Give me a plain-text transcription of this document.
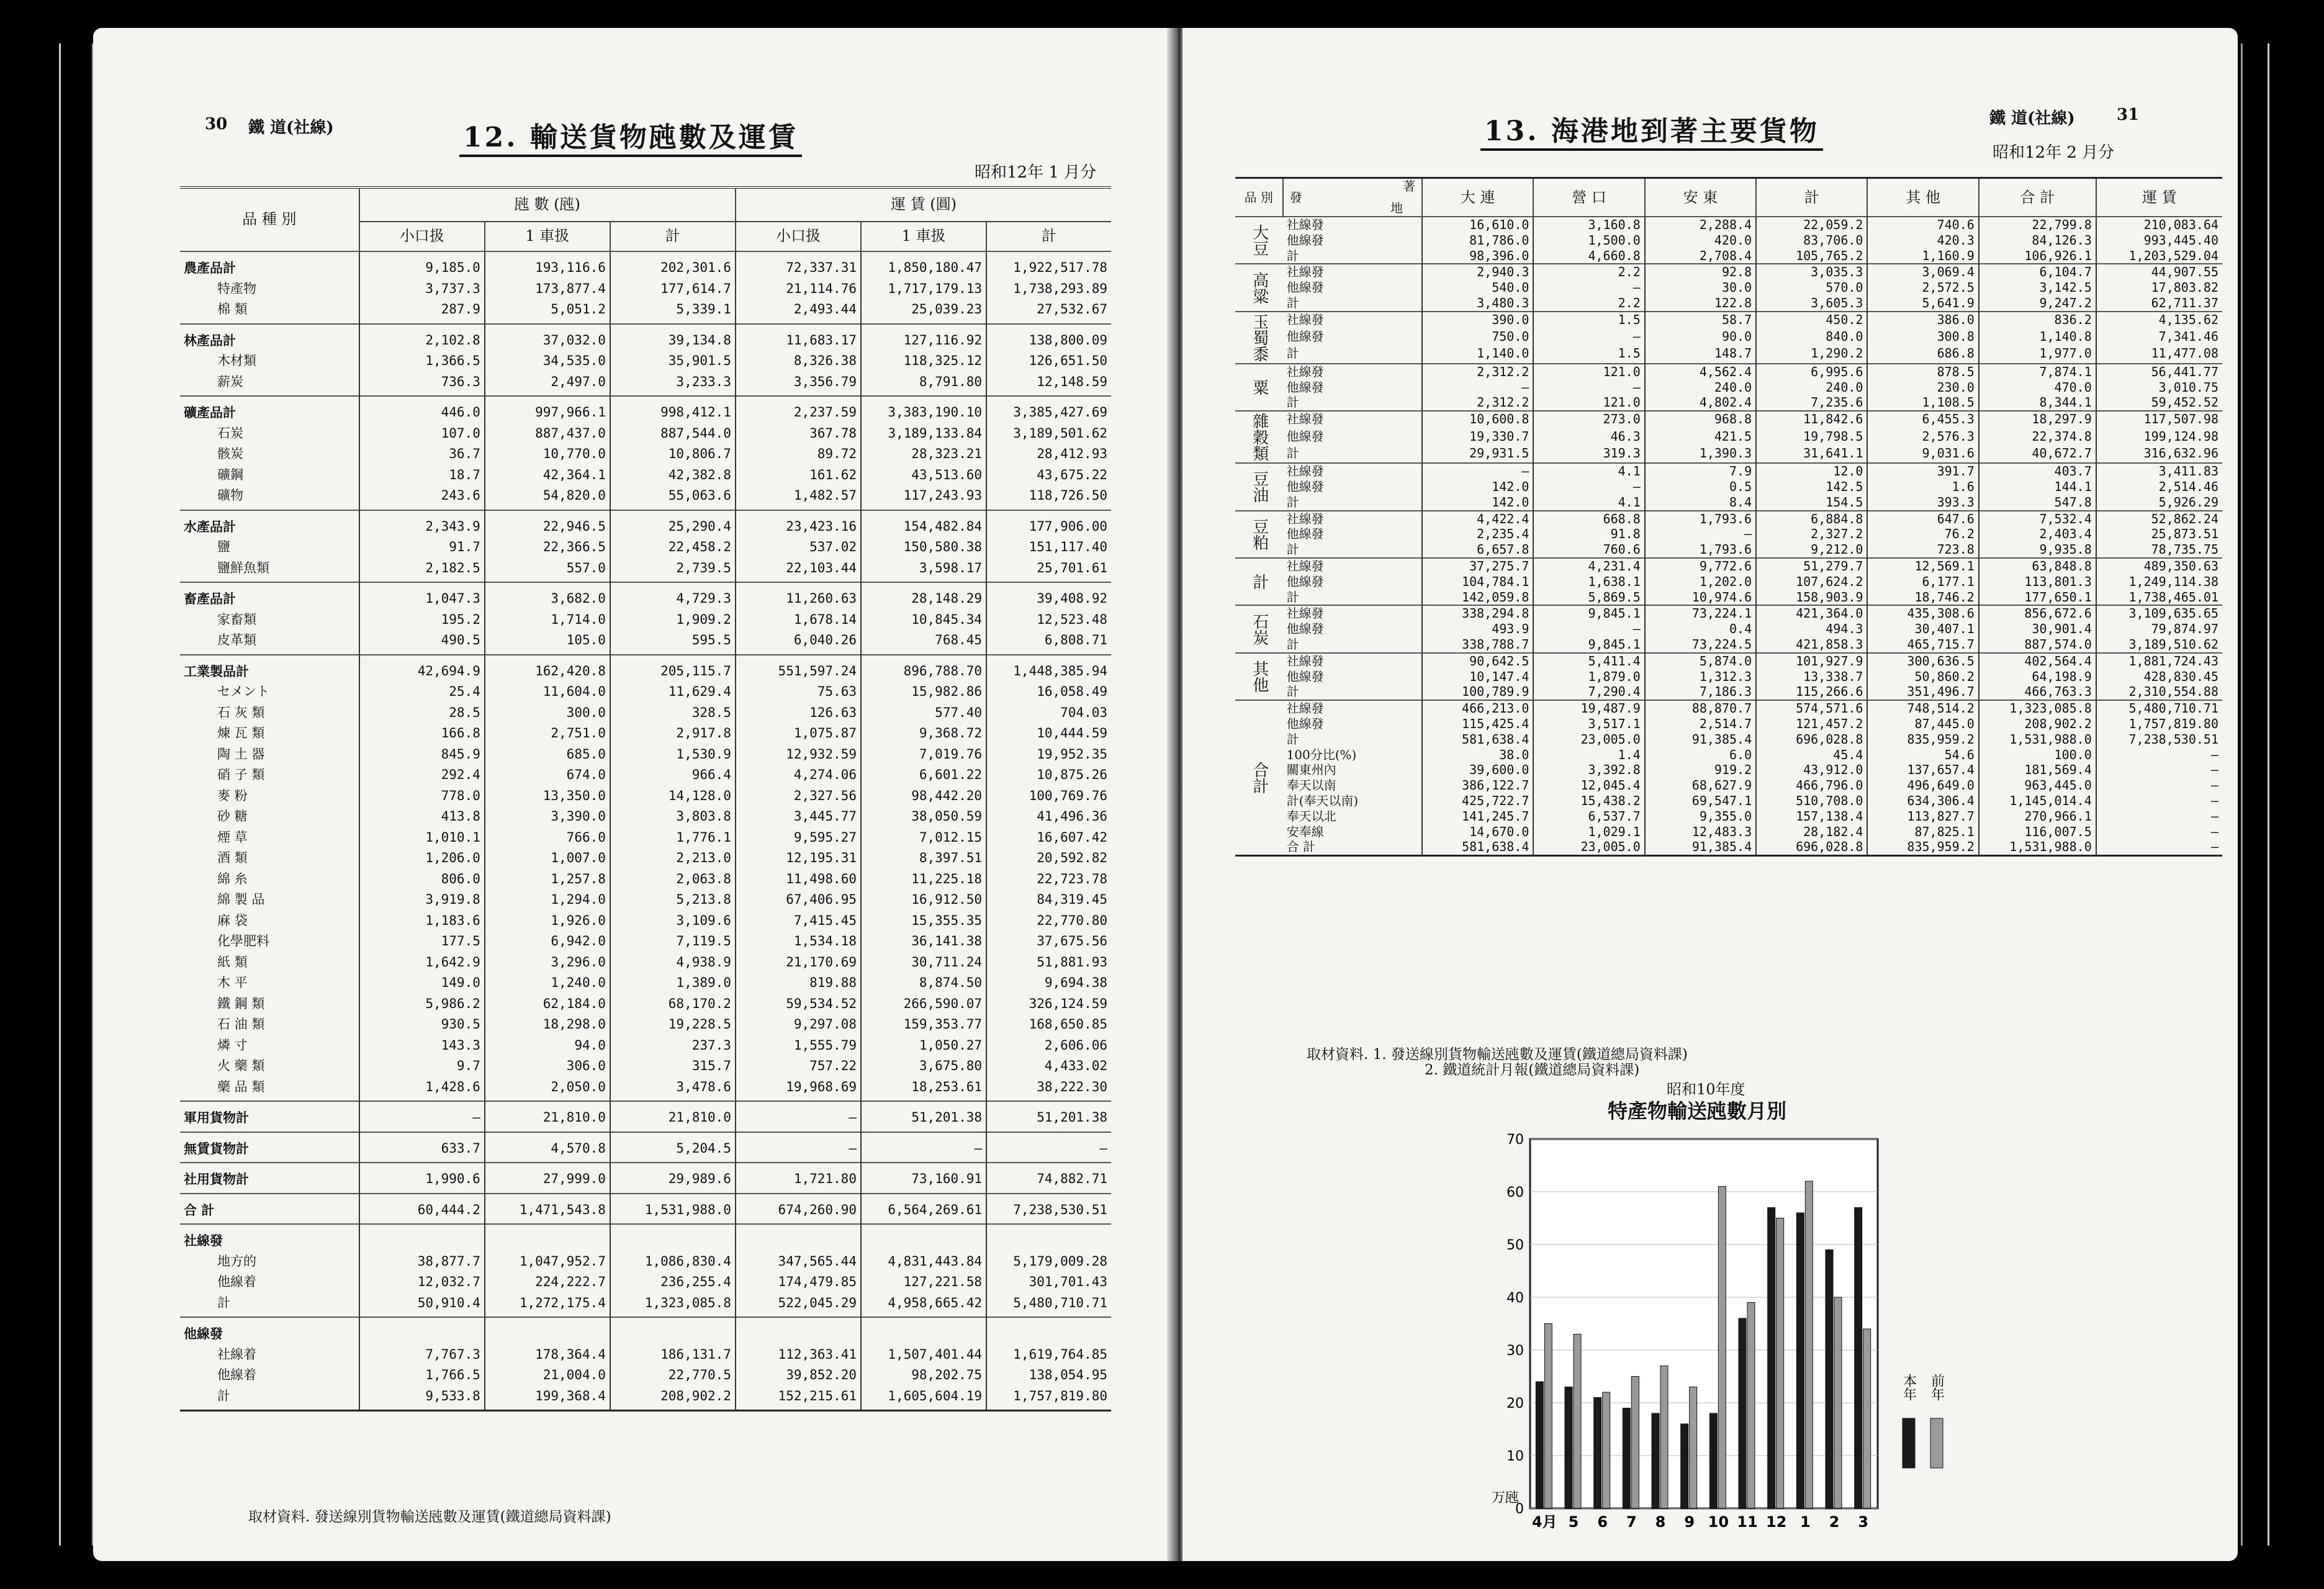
30 鐵 道(社線)	12. 輸送貨物瓲數及運賃
昭和12年 1 月分
品 種 別	瓲 數 (瓲)			運 賃 (圓)		
	小口扱	1 車扱	計	小口扱	1 車扱	計
農產品計	9,185.0	193,116.6	202,301.6	72,337.31	1,850,180.47	1,922,517.78
特產物	3,737.3	173,877.4	177,614.7	21,114.76	1,717,179.13	1,738,293.89
棉 類	287.9	5,051.2	5,339.1	2,493.44	25,039.23	27,532.67
林產品計	2,102.8	37,032.0	39,134.8	11,683.17	127,116.92	138,800.09
木材類	1,366.5	34,535.0	35,901.5	8,326.38	118,325.12	126,651.50
薪炭	736.3	2,497.0	3,233.3	3,356.79	8,791.80	12,148.59
礦產品計	446.0	997,966.1	998,412.1	2,237.59	3,383,190.10	3,385,427.69
石炭	107.0	887,437.0	887,544.0	367.78	3,189,133.84	3,189,501.62
骸炭	36.7	10,770.0	10,806.7	89.72	28,323.21	28,412.93
礦鋼	18.7	42,364.1	42,382.8	161.62	43,513.60	43,675.22
礦物	243.6	54,820.0	55,063.6	1,482.57	117,243.93	118,726.50
水產品計	2,343.9	22,946.5	25,290.4	23,423.16	154,482.84	177,906.00
鹽	91.7	22,366.5	22,458.2	537.02	150,580.38	151,117.40
鹽鮮魚類	2,182.5	557.0	2,739.5	22,103.44	3,598.17	25,701.61
畜產品計	1,047.3	3,682.0	4,729.3	11,260.63	28,148.29	39,408.92
家畜類	195.2	1,714.0	1,909.2	1,678.14	10,845.34	12,523.48
皮革類	490.5	105.0	595.5	6,040.26	768.45	6,808.71
工業製品計	42,694.9	162,420.8	205,115.7	551,597.24	896,788.70	1,448,385.94
セメント	25.4	11,604.0	11,629.4	75.63	15,982.86	16,058.49
石 灰 類	28.5	300.0	328.5	126.63	577.40	704.03
煉 瓦 類	166.8	2,751.0	2,917.8	1,075.87	9,368.72	10,444.59
陶 土 器	845.9	685.0	1,530.9	12,932.59	7,019.76	19,952.35
硝 子 類	292.4	674.0	966.4	4,274.06	6,601.22	10,875.26
麥 粉	778.0	13,350.0	14,128.0	2,327.56	98,442.20	100,769.76
砂 糖	413.8	3,390.0	3,803.8	3,445.77	38,050.59	41,496.36
煙 草	1,010.1	766.0	1,776.1	9,595.27	7,012.15	16,607.42
酒 類	1,206.0	1,007.0	2,213.0	12,195.31	8,397.51	20,592.82
綿 糸	806.0	1,257.8	2,063.8	11,498.60	11,225.18	22,723.78
綿 製 品	3,919.8	1,294.0	5,213.8	67,406.95	16,912.50	84,319.45
麻 袋	1,183.6	1,926.0	3,109.6	7,415.45	15,355.35	22,770.80
化學肥料	177.5	6,942.0	7,119.5	1,534.18	36,141.38	37,675.56
紙 類	1,642.9	3,296.0	4,938.9	21,170.69	30,711.24	51,881.93
木 平	149.0	1,240.0	1,389.0	819.88	8,874.50	9,694.38
鐵 鋼 類	5,986.2	62,184.0	68,170.2	59,534.52	266,590.07	326,124.59
石 油 類	930.5	18,298.0	19,228.5	9,297.08	159,353.77	168,650.85
燐 寸	143.3	94.0	237.3	1,555.79	1,050.27	2,606.06
火 藥 類	9.7	306.0	315.7	757.22	3,675.80	4,433.02
藥 品 類	1,428.6	2,050.0	3,478.6	19,968.69	18,253.61	38,222.30
軍用貨物計	—	21,810.0	21,810.0	—	51,201.38	51,201.38
無賃貨物計	633.7	4,570.8	5,204.5	—	—	—
社用貨物計	1,990.6	27,999.0	29,989.6	1,721.80	73,160.91	74,882.71
合 計	60,444.2	1,471,543.8	1,531,988.0	674,260.90	6,564,269.61	7,238,530.51
社線發						
地方的	38,877.7	1,047,952.7	1,086,830.4	347,565.44	4,831,443.84	5,179,009.28
他線着	12,032.7	224,222.7	236,255.4	174,479.85	127,221.58	301,701.43
計	50,910.4	1,272,175.4	1,323,085.8	522,045.29	4,958,665.42	5,480,710.71
他線發						
社線着	7,767.3	178,364.4	186,131.7	112,363.41	1,507,401.44	1,619,764.85
他線着	1,766.5	21,004.0	22,770.5	39,852.20	98,202.75	138,054.95
計	9,533.8	199,368.4	208,902.2	152,215.61	1,605,604.19	1,757,819.80
取材資料. 發送線別貨物輸送瓲數及運賃(鐵道總局資料課)
13. 海港地到著主要貨物	鐵 道(社線)	31
昭和12年 2 月分
品 別	著
發
地	大 連	營 口	安 東	計	其 他	合 計	運 賃
大豆	社線發	16,610.0	3,160.8	2,288.4	22,059.2	740.6	22,799.8	210,083.64
	他線發	81,786.0	1,500.0	420.0	83,706.0	420.3	84,126.3	993,445.40
	計	98,396.0	4,660.8	2,708.4	105,765.2	1,160.9	106,926.1	1,203,529.04
高粱	社線發	2,940.3	2.2	92.8	3,035.3	3,069.4	6,104.7	44,907.55
	他線發	540.0	—	30.0	570.0	2,572.5	3,142.5	17,803.82
	計	3,480.3	2.2	122.8	3,605.3	5,641.9	9,247.2	62,711.37
玉蜀黍	社線發	390.0	1.5	58.7	450.2	386.0	836.2	4,135.62
	他線發	750.0	—	90.0	840.0	300.8	1,140.8	7,341.46
	計	1,140.0	1.5	148.7	1,290.2	686.8	1,977.0	11,477.08
粟	社線發	2,312.2	121.0	4,562.4	6,995.6	878.5	7,874.1	56,441.77
	他線發	—	—	240.0	240.0	230.0	470.0	3,010.75
	計	2,312.2	121.0	4,802.4	7,235.6	1,108.5	8,344.1	59,452.52
雜穀類	社線發	10,600.8	273.0	968.8	11,842.6	6,455.3	18,297.9	117,507.98
	他線發	19,330.7	46.3	421.5	19,798.5	2,576.3	22,374.8	199,124.98
	計	29,931.5	319.3	1,390.3	31,641.1	9,031.6	40,672.7	316,632.96
豆油	社線發	—	4.1	7.9	12.0	391.7	403.7	3,411.83
	他線發	142.0	—	0.5	142.5	1.6	144.1	2,514.46
	計	142.0	4.1	8.4	154.5	393.3	547.8	5,926.29
豆粕	社線發	4,422.4	668.8	1,793.6	6,884.8	647.6	7,532.4	52,862.24
	他線發	2,235.4	91.8	—	2,327.2	76.2	2,403.4	25,873.51
	計	6,657.8	760.6	1,793.6	9,212.0	723.8	9,935.8	78,735.75
計	社線發	37,275.7	4,231.4	9,772.6	51,279.7	12,569.1	63,848.8	489,350.63
	他線發	104,784.1	1,638.1	1,202.0	107,624.2	6,177.1	113,801.3	1,249,114.38
	計	142,059.8	5,869.5	10,974.6	158,903.9	18,746.2	177,650.1	1,738,465.01
石炭	社線發	338,294.8	9,845.1	73,224.1	421,364.0	435,308.6	856,672.6	3,109,635.65
	他線發	493.9	—	0.4	494.3	30,407.1	30,901.4	79,874.97
	計	338,788.7	9,845.1	73,224.5	421,858.3	465,715.7	887,574.0	3,189,510.62
其他	社線發	90,642.5	5,411.4	5,874.0	101,927.9	300,636.5	402,564.4	1,881,724.43
	他線發	10,147.4	1,879.0	1,312.3	13,338.7	50,860.2	64,198.9	428,830.45
	計	100,789.9	7,290.4	7,186.3	115,266.6	351,496.7	466,763.3	2,310,554.88
合計	社線發	466,213.0	19,487.9	88,870.7	574,571.6	748,514.2	1,323,085.8	5,480,710.71
	他線發	115,425.4	3,517.1	2,514.7	121,457.2	87,445.0	208,902.2	1,757,819.80
	計	581,638.4	23,005.0	91,385.4	696,028.8	835,959.2	1,531,988.0	7,238,530.51
	100分比(%)	38.0	1.4	6.0	45.4	54.6	100.0	—
	關東州內	39,600.0	3,392.8	919.2	43,912.0	137,657.4	181,569.4	—
	奉天以南	386,122.7	12,045.4	68,627.9	466,796.0	496,649.0	963,445.0	—
	計(奉天以南)	425,722.7	15,438.2	69,547.1	510,708.0	634,306.4	1,145,014.4	—
	奉天以北	141,245.7	6,537.7	9,355.0	157,138.4	113,827.7	270,966.1	—
	安奉線	14,670.0	1,029.1	12,483.3	28,182.4	87,825.1	116,007.5	—
	合 計	581,638.4	23,005.0	91,385.4	696,028.8	835,959.2	1,531,988.0	—
取材資料. 1. 發送線別貨物輸送瓲數及運賃(鐵道總局資料課)
2. 鐵道統計月報(鐵道總局資料課)
昭和10年度
特產物輸送瓲數月別
0
10
20
30
40
50
60
70
4月 5 6 7 8 9 10 11 12 1 2 3
万瓲
本年 前年
